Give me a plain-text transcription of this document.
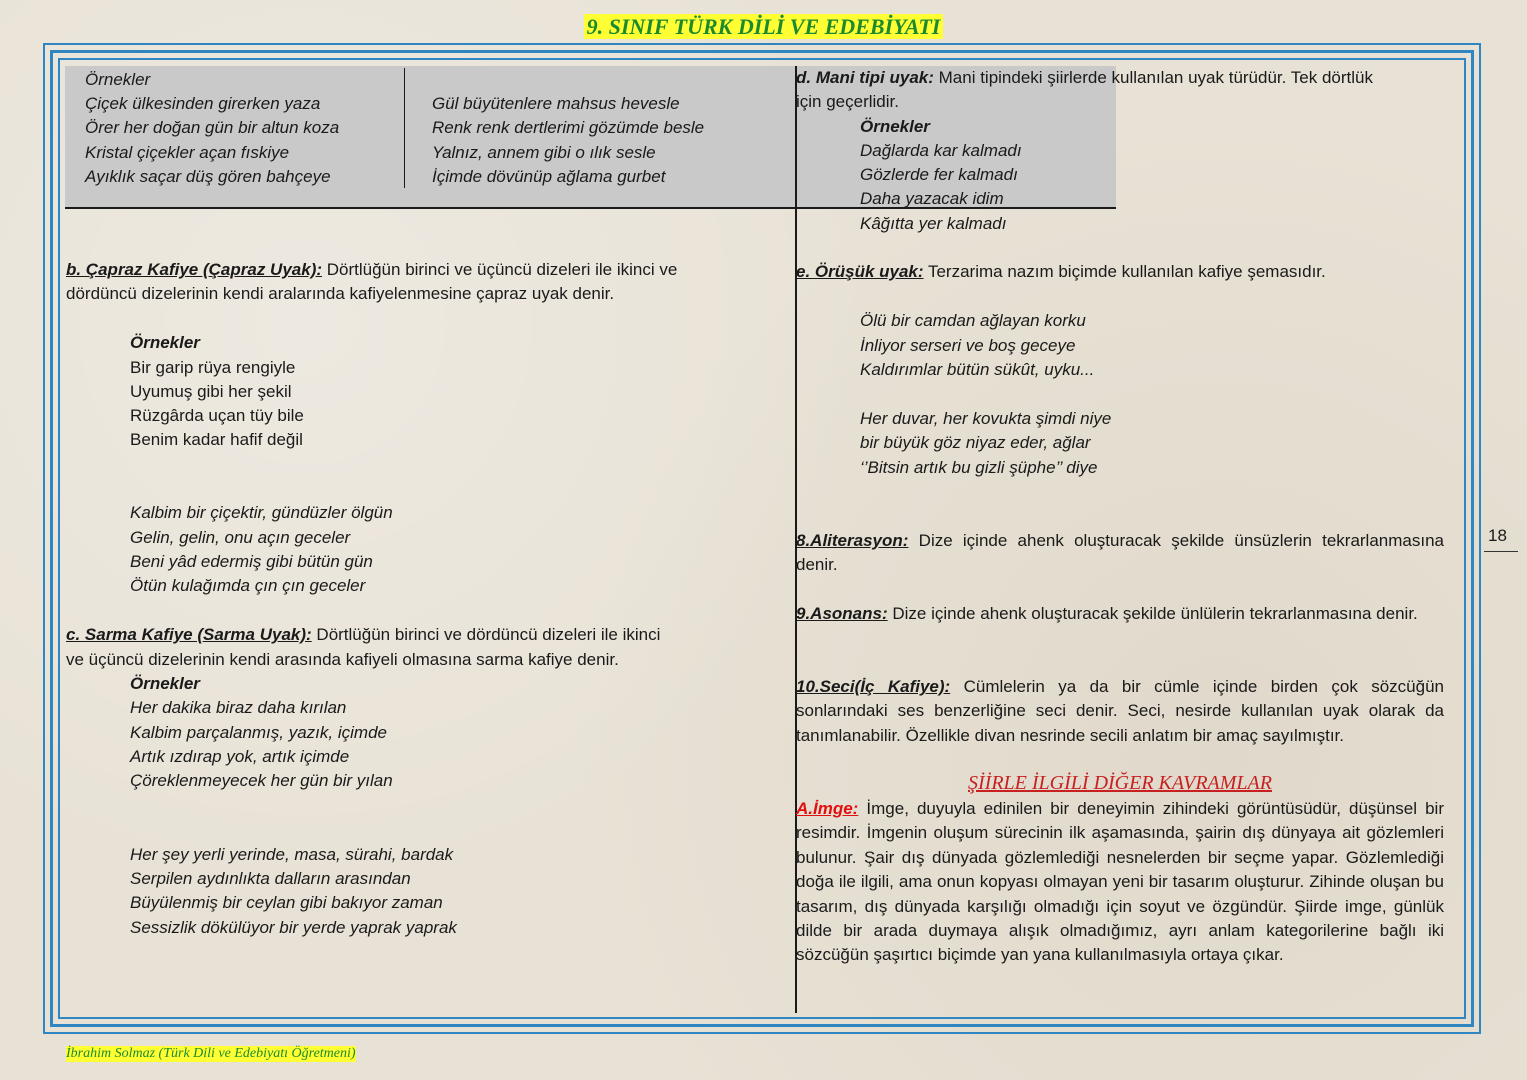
9. SINIF TÜRK DİLİ VE EDEBİYATI
Örnekler
Çiçek ülkesinden girerken yaza
Örer her doğan gün bir altun koza
Kristal çiçekler açan fıskiye
Ayıklık saçar düş gören bahçeye
Gül büyütenlere mahsus hevesle
Renk renk dertlerimi gözümde besle
Yalnız, annem gibi o ılık sesle
İçimde dövünüp ağlama gurbet
b. Çapraz Kafiye (Çapraz Uyak): Dörtlüğün birinci ve üçüncü dizeleri ile ikinci ve
dördüncü dizelerinin kendi aralarında kafiyelenmesine çapraz uyak denir.
Örnekler
Bir garip rüya rengiyle
Uyumuş gibi her şekil
Rüzgârda uçan tüy bile
Benim kadar hafif değil
Kalbim bir çiçektir, gündüzler ölgün
Gelin, gelin, onu açın geceler
Beni yâd edermiş gibi bütün gün
Ötün kulağımda çın çın geceler
c. Sarma Kafiye (Sarma Uyak): Dörtlüğün birinci ve dördüncü dizeleri ile ikinci
ve üçüncü dizelerinin kendi arasında kafiyeli olmasına sarma kafiye denir.
Örnekler
Her dakika biraz daha kırılan
Kalbim parçalanmış, yazık, içimde
Artık ızdırap yok, artık içimde
Çöreklenmeyecek her gün bir yılan
Her şey yerli yerinde, masa, sürahi, bardak
Serpilen aydınlıkta dalların arasından
Büyülenmiş bir ceylan gibi bakıyor zaman
Sessizlik dökülüyor bir yerde yaprak yaprak
d. Mani tipi uyak: Mani tipindeki şiirlerde kullanılan uyak türüdür. Tek dörtlük
için geçerlidir.
Örnekler
Dağlarda kar kalmadı
Gözlerde fer kalmadı
Daha yazacak idim
Kâğıtta yer kalmadı
e. Örüşük uyak: Terzarima nazım biçimde kullanılan kafiye şemasıdır.
Ölü bir camdan ağlayan korku
İnliyor serseri ve boş geceye
Kaldırımlar bütün sükût, uyku...
Her duvar, her kovukta şimdi niye
bir büyük göz niyaz eder, ağlar
‘’Bitsin artık bu gizli şüphe’’ diye
8.Aliterasyon: Dize içinde ahenk oluşturacak şekilde ünsüzlerin tekrarlanmasına denir.
9.Asonans: Dize içinde ahenk oluşturacak şekilde ünlülerin tekrarlanmasına denir.
10.Seci(İç Kafiye): Cümlelerin ya da bir cümle içinde birden çok sözcüğün sonlarındaki ses benzerliğine seci denir. Seci, nesirde kullanılan uyak olarak da tanımlanabilir. Özellikle divan nesrinde secili anlatım bir amaç sayılmıştır.
ŞİİRLE İLGİLİ DİĞER KAVRAMLAR
A.İmge: İmge, duyuyla edinilen bir deneyimin zihindeki görüntüsüdür, düşünsel bir resimdir. İmgenin oluşum sürecinin ilk aşamasında, şairin dış dünyaya ait gözlemleri bulunur. Şair dış dünyada gözlemlediği nesnelerden bir seçme yapar. Gözlemlediği doğa ile ilgili, ama onun kopyası olmayan yeni bir tasarım oluşturur. Zihinde oluşan bu tasarım, dış dünyada karşılığı olmadığı için soyut ve özgündür. Şiirde imge, günlük dilde bir arada duymaya alışık olmadığımız, ayrı anlam kategorilerine bağlı iki sözcüğün şaşırtıcı biçimde yan yana kullanılmasıyla ortaya çıkar.
18
İbrahim Solmaz (Türk Dili ve Edebiyatı Öğretmeni)
